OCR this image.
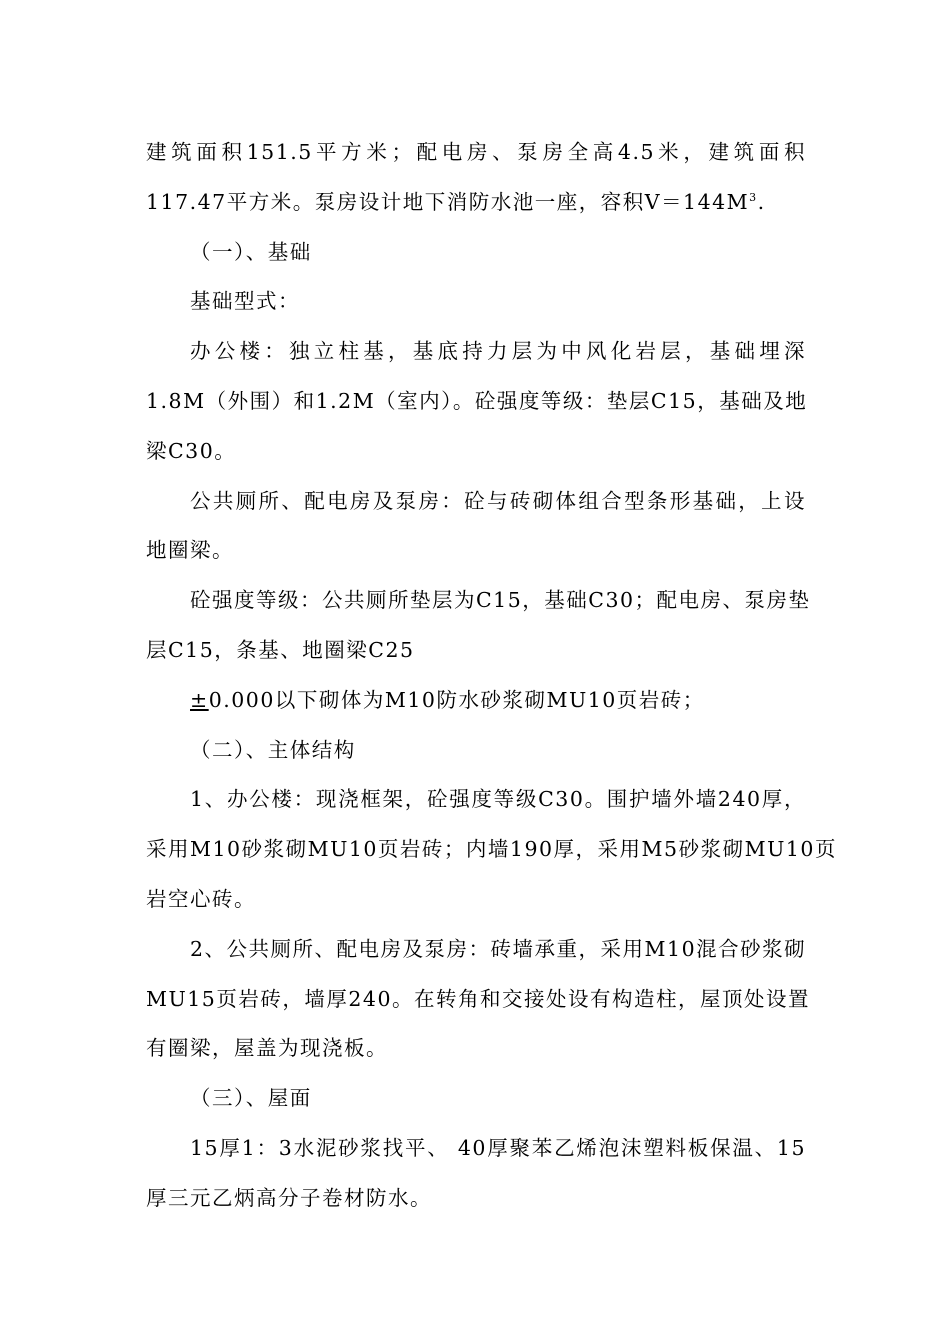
建筑面积151.5平方米；配电房、泵房全高4.5米，建筑面积
117.47平方米。泵房设计地下消防水池一座，容积$V=144M^3$.
（一）、基础
基础型式：
办公楼：独立柱基，基底持力层为中风化岩层，基础埋深
1.8M（外围）和1.2M（室内）。砼强度等级：垫层C15，基础及地
梁C30。
公共厕所、配电房及泵房：砼与砖砌体组合型条形基础，上设
地圈梁。
砼强度等级：公共厕所垫层为C15，基础C30；配电房、泵房垫
层C15，条基、地圈梁C25
±0.000以下砌体为M10防水砂浆砌MU10页岩砖；
（二）、主体结构
1、办公楼：现浇框架，砼强度等级C30。围护墙外墙240厚，
采用M10砂浆砌MU10页岩砖；内墙190厚，采用M5砂浆砌MU10页
岩空心砖。
2、公共厕所、配电房及泵房：砖墙承重，采用M10混合砂浆砌
MU15页岩砖，墙厚240。在转角和交接处设有构造柱，屋顶处设置
有圈梁，屋盖为现浇板。
（三）、屋面
15厚1：3水泥砂浆找平、 40厚聚苯乙烯泡沫塑料板保温、15
厚三元乙炳高分子卷材防水。
